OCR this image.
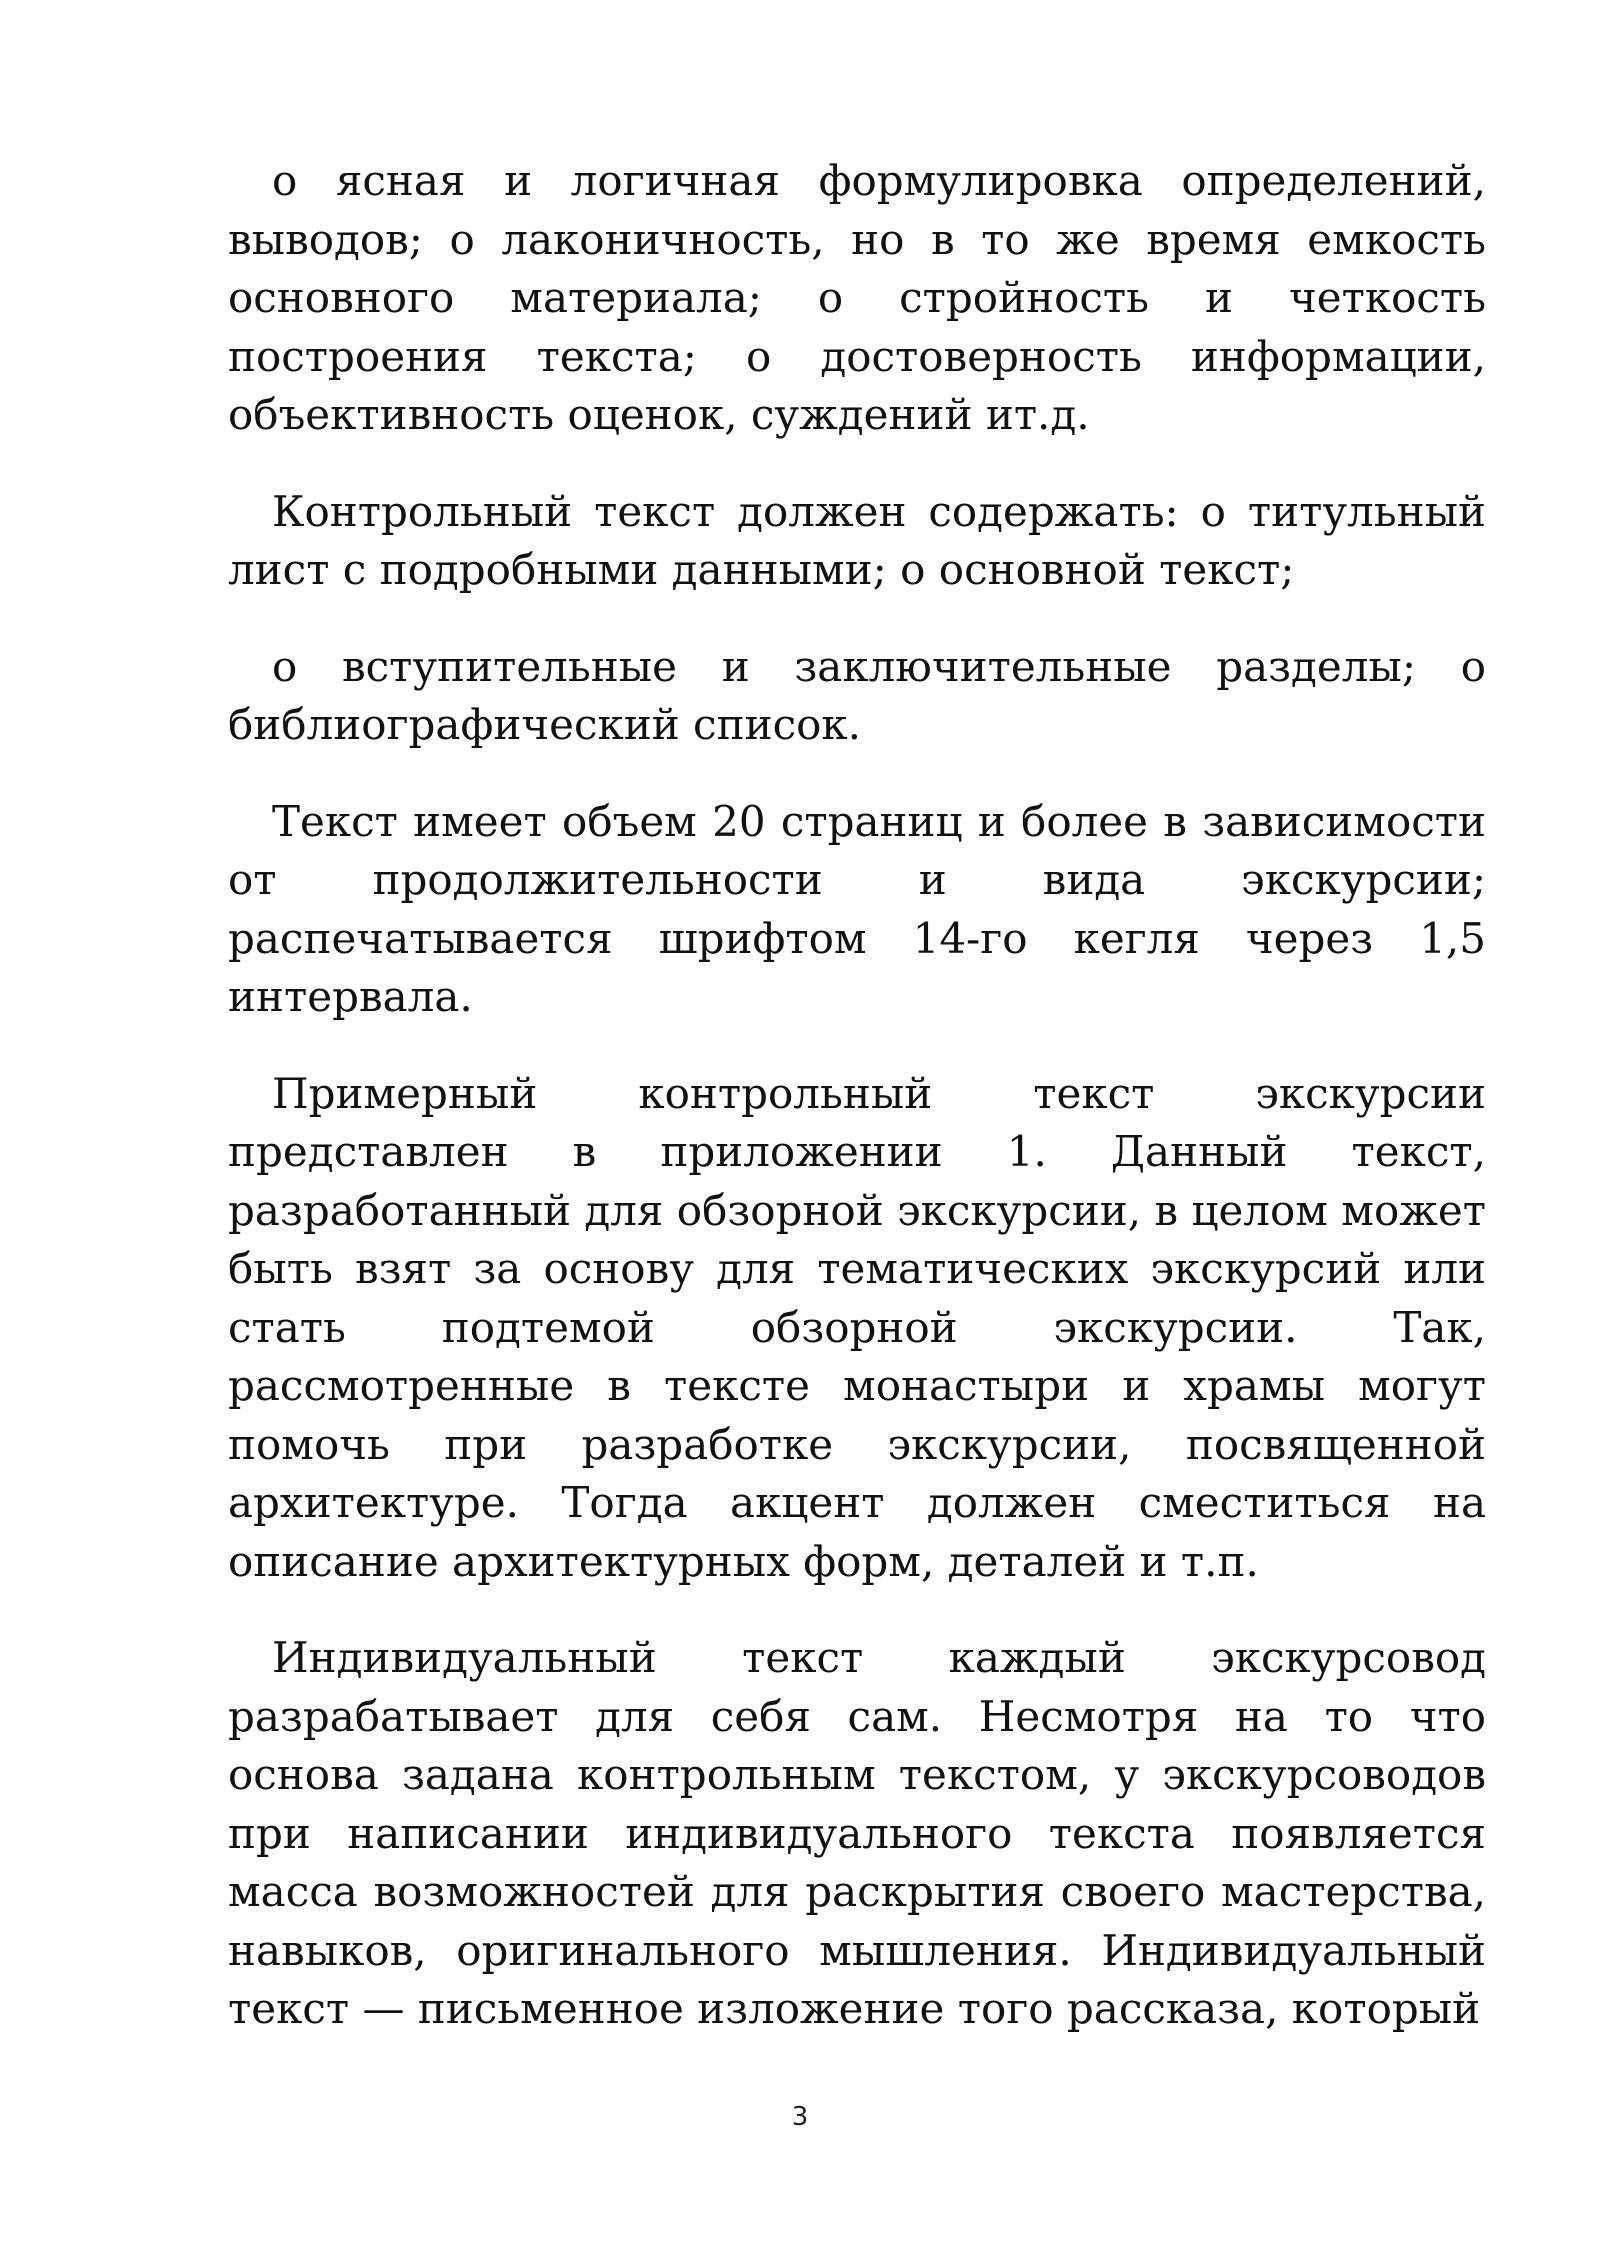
о ясная и логичная формулировка определений, выводов; о лаконичность, но в то же время емкость основного материала; о стройность и четкость построения текста; о достоверность информации, объективность оценок, суждений ит.д.

Контрольный текст должен содержать: о титульный лист с подробными данными; о основной текст;

о вступительные и заключительные разделы; о библиографический список.

Текст имеет объем 20 страниц и более в зависимости от продолжительности и вида экскурсии; распечатывается шрифтом 14-го кегля через 1,5 интервала.

Примерный контрольный текст экскурсии представлен в приложении 1. Данный текст, разработанный для обзорной экскурсии, в целом может быть взят за основу для тематических экскурсий или стать подтемой обзорной экскурсии. Так, рассмотренные в тексте монастыри и храмы могут помочь при разработке экскурсии, посвященной архитектуре. Тогда акцент должен сместиться на описание архитектурных форм, деталей и т.п.

Индивидуальный текст каждый экскурсовод разрабатывает для себя сам. Несмотря на то что основа задана контрольным текстом, у экскурсоводов при написании индивидуального текста появляется масса возможностей для раскрытия своего мастерства, навыков, оригинального мышления. Индивидуальный текст — письменное изложение того рассказа, который

3
